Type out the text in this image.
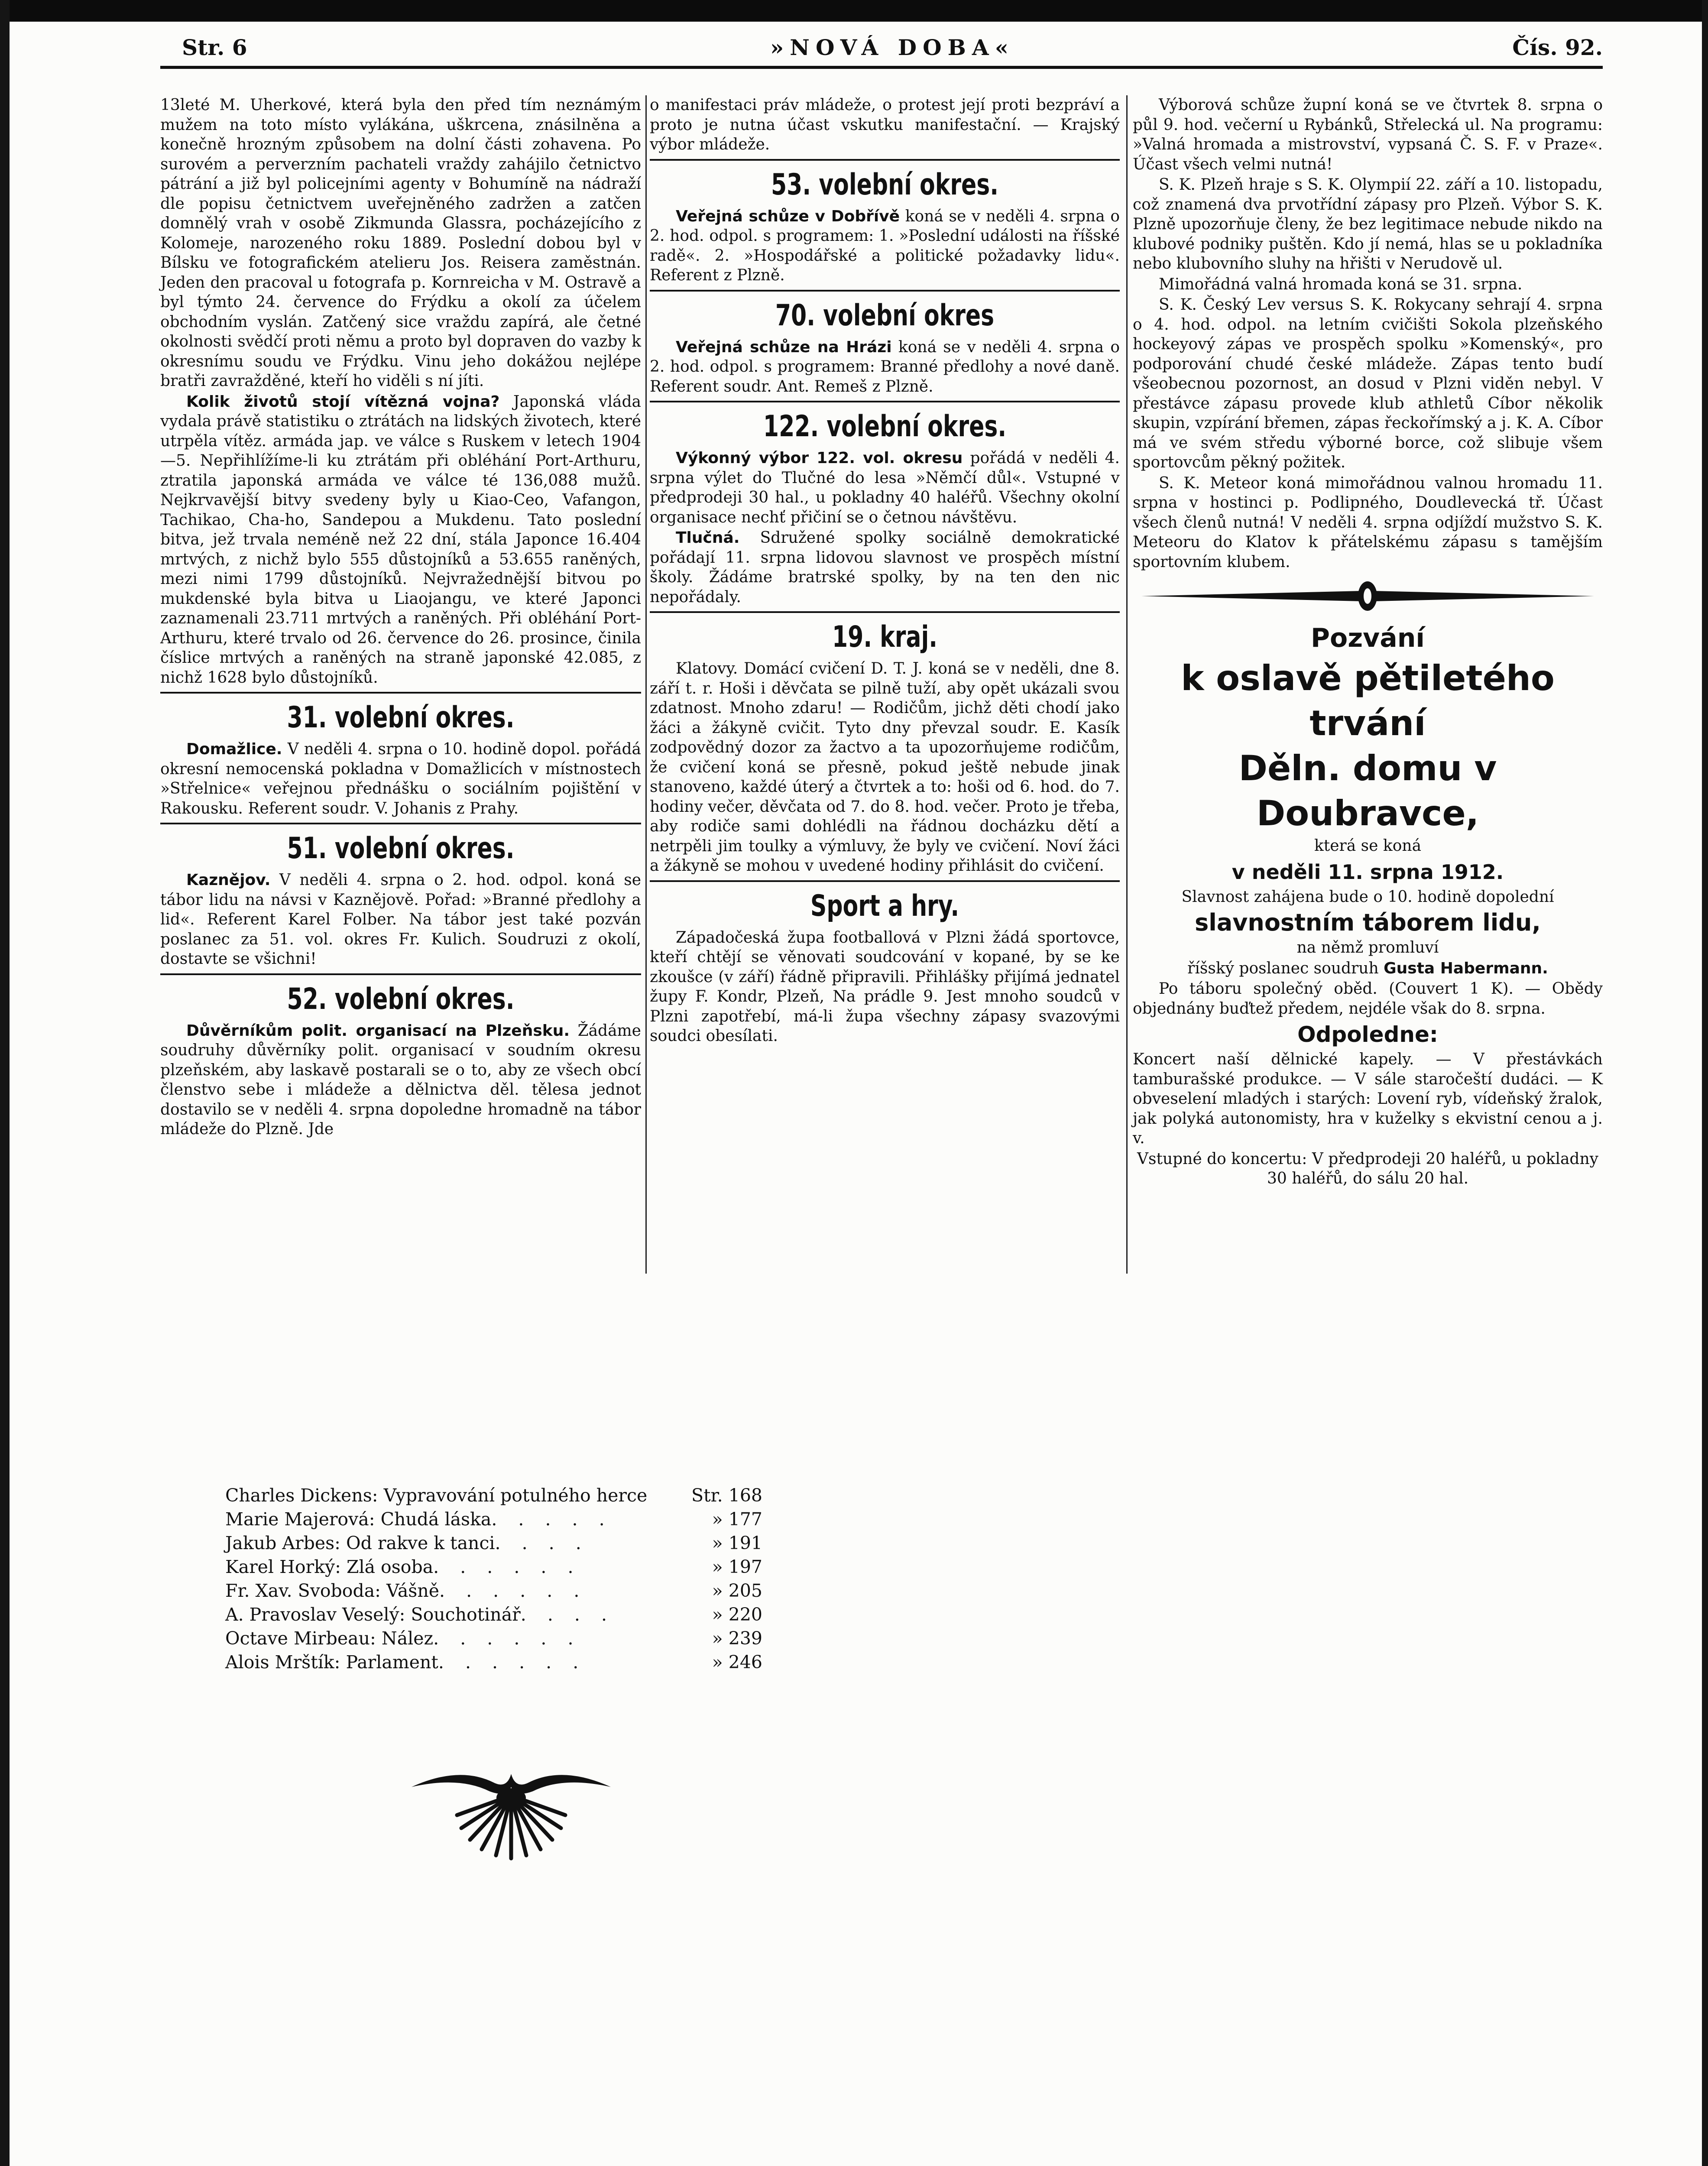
Str. 6	»NOVÁ DOBA«	Čís. 92.

13leté M. Uherkové, která byla den před tím neznámým mužem na toto místo vylákána, uškrcena, znásilněna a konečně hrozným způsobem na dolní části zohavena. Po surovém a perverzním pachateli vraždy zahájilo četnictvo pátrání a již byl policejními agenty v Bohumíně na nádraží dle popisu četnictvem uveřejněného zadržen a zatčen domnělý vrah v osobě Zikmunda Glassra, pocházejícího z Kolomeje, narozeného roku 1889. Poslední dobou byl v Bílsku ve fotografickém atelieru Jos. Reisera zaměstnán. Jeden den pracoval u fotografa p. Kornreicha v M. Ostravě a byl týmto 24. července do Frýdku a okolí za účelem obchodním vyslán. Zatčený sice vraždu zapírá, ale četné okolnosti svědčí proti němu a proto byl dopraven do vazby k okresnímu soudu ve Frýdku. Vinu jeho dokážou nejlépe bratři zavražděné, kteří ho viděli s ní jíti.

Kolik životů stojí vítězná vojna? Japonská vláda vydala právě statistiku o ztrátách na lidských životech, které utrpěla vítěz. armáda jap. ve válce s Ruskem v letech 1904—5. Nepřihlížíme-li ku ztrátám při obléhání Port-Arthuru, ztratila japonská armáda ve válce té 136,088 mužů. Nejkrvavější bitvy svedeny byly u Kiao-Ceo, Vafangon, Tachikao, Cha-ho, Sandepou a Mukdenu. Tato poslední bitva, jež trvala neméně než 22 dní, stála Japonce 16.404 mrtvých, z nichž bylo 555 důstojníků a 53.655 raněných, mezi nimi 1799 důstojníků. Nejvražednější bitvou po mukdenské byla bitva u Liaojangu, ve které Japonci zaznamenali 23.711 mrtvých a raněných. Při obléhání Port-Arthuru, které trvalo od 26. července do 26. prosince, činila číslice mrtvých a raněných na straně japonské 42.085, z nichž 1628 bylo důstojníků.

31. volební okres.

Domažlice. V neděli 4. srpna o 10. hodině dopol. pořádá okresní nemocenská pokladna v Domažlicích v místnostech »Střelnice« veřejnou přednášku o sociálním pojištění v Rakousku. Referent soudr. V. Johanis z Prahy.

51. volební okres.

Kaznějov. V neděli 4. srpna o 2. hod. odpol. koná se tábor lidu na návsi v Kaznějově. Pořad: »Branné předlohy a lid«. Referent Karel Folber. Na tábor jest také pozván poslanec za 51. vol. okres Fr. Kulich. Soudruzi z okolí, dostavte se všichni!

52. volební okres.

Důvěrníkům polit. organisací na Plzeňsku. Žádáme soudruhy důvěrníky polit. organisací v soudním okresu plzeňském, aby laskavě postarali se o to, aby ze všech obcí členstvo sebe i mládeže a dělnictva děl. tělesa jednot dostavilo se v neděli 4. srpna dopoledne hromadně na tábor mládeže do Plzně. Jde

o manifestaci práv mládeže, o protest její proti bezpráví a proto je nutna účast vskutku manifestační. — Krajský výbor mládeže.

53. volební okres.

Veřejná schůze v Dobřívě koná se v neděli 4. srpna o 2. hod. odpol. s programem: 1. »Poslední události na říšské radě«. 2. »Hospodářské a politické požadavky lidu«. Referent z Plzně.

70. volební okres

Veřejná schůze na Hrázi koná se v neděli 4. srpna o 2. hod. odpol. s programem: Branné předlohy a nové daně. Referent soudr. Ant. Remeš z Plzně.

122. volební okres.

Výkonný výbor 122. vol. okresu pořádá v neděli 4. srpna výlet do Tlučné do lesa »Němčí důl«. Vstupné v předprodeji 30 hal., u pokladny 40 haléřů. Všechny okolní organisace nechť přičiní se o četnou návštěvu.

Tlučná. Sdružené spolky sociálně demokratické pořádají 11. srpna lidovou slavnost ve prospěch místní školy. Žádáme bratrské spolky, by na ten den nic nepořádaly.

19. kraj.

Klatovy. Domácí cvičení D. T. J. koná se v neděli, dne 8. září t. r. Hoši i děvčata se pilně tuží, aby opět ukázali svou zdatnost. Mnoho zdaru! — Rodičům, jichž děti chodí jako žáci a žákyně cvičit. Tyto dny převzal soudr. E. Kasík zodpovědný dozor za žactvo a ta upozorňujeme rodičům, že cvičení koná se přesně, pokud ještě nebude jinak stanoveno, každé úterý a čtvrtek a to: hoši od 6. hod. do 7. hodiny večer, děvčata od 7. do 8. hod. večer. Proto je třeba, aby rodiče sami dohlédli na řádnou docházku dětí a netrpěli jim toulky a výmluvy, že byly ve cvičení. Noví žáci a žákyně se mohou v uvedené hodiny přihlásit do cvičení.

Sport a hry.

Západočeská župa footballová v Plzni žádá sportovce, kteří chtějí se věnovati soudcování v kopané, by se ke zkoušce (v září) řádně připravili. Přihlášky přijímá jednatel župy F. Kondr, Plzeň, Na prádle 9. Jest mnoho soudců v Plzni zapotřebí, má-li župa všechny zápasy svazovými soudci obesílati.

Výborová schůze župní koná se ve čtvrtek 8. srpna o půl 9. hod. večerní u Rybánků, Střelecká ul. Na programu: »Valná hromada a mistrovství, vypsaná Č. S. F. v Praze«. Účast všech velmi nutná!

S. K. Plzeň hraje s S. K. Olympií 22. září a 10. listopadu, což znamená dva prvotřídní zápasy pro Plzeň. Výbor S. K. Plzně upozorňuje členy, že bez legitimace nebude nikdo na klubové podniky puštěn. Kdo jí nemá, hlas se u pokladníka nebo klubovního sluhy na hřišti v Nerudově ul.

Mimořádná valná hromada koná se 31. srpna.

S. K. Český Lev versus S. K. Rokycany sehrají 4. srpna o 4. hod. odpol. na letním cvičišti Sokola plzeňského hockeyový zápas ve prospěch spolku »Komenský«, pro podporování chudé české mládeže. Zápas tento budí všeobecnou pozornost, an dosud v Plzni viděn nebyl. V přestávce zápasu provede klub athletů Cíbor několik skupin, vzpírání břemen, zápas řeckořímský a j. K. A. Cíbor má ve svém středu výborné borce, což slibuje všem sportovcům pěkný požitek.

S. K. Meteor koná mimořádnou valnou hromadu 11. srpna v hostinci p. Podlipného, Doudlevecká tř. Účast všech členů nutná! V neděli 4. srpna odjíždí mužstvo S. K. Meteoru do Klatov k přátelskému zápasu s tamějším sportovním klubem.

Pozvání
k oslavě pětiletého trvání
Děln. domu v Doubravce,

která se koná

v neděli 11. srpna 1912.

Slavnost zahájena bude o 10. hodině dopolední

slavnostním táborem lidu,

na němž promluví

říšský poslanec soudruh Gusta Habermann.

Po táboru společný oběd. (Couvert 1 K). — Obědy objednány buďtež předem, nejdéle však do 8. srpna.

Odpoledne:

Koncert naší dělnické kapely. — V přestávkách tamburašské produkce. — V sále staročeští dudáci. — K obveselení mladých i starých: Lovení ryb, vídeňský žralok, jak polyká autonomisty, hra v kuželky s ekvistní cenou a j. v.

Vstupné do koncertu: V předprodeji 20 haléřů, u pokladny 30 haléřů, do sálu 20 hal.

Charles Dickens: Vypravování potulného herce Str. 168
Marie Majerová: Chudá láska . . . . .	» 177
Jakub Arbes: Od rakve k tanci . . . .	» 191
Karel Horký: Zlá osoba . . . . . .	» 197
Fr. Xav. Svoboda: Vášně . . . . . .	» 205
A. Pravoslav Veselý: Souchotinář . . . .	» 220
Octave Mirbeau: Nález . . . . . .	» 239
Alois Mrštík: Parlament . . . . . .	» 246
